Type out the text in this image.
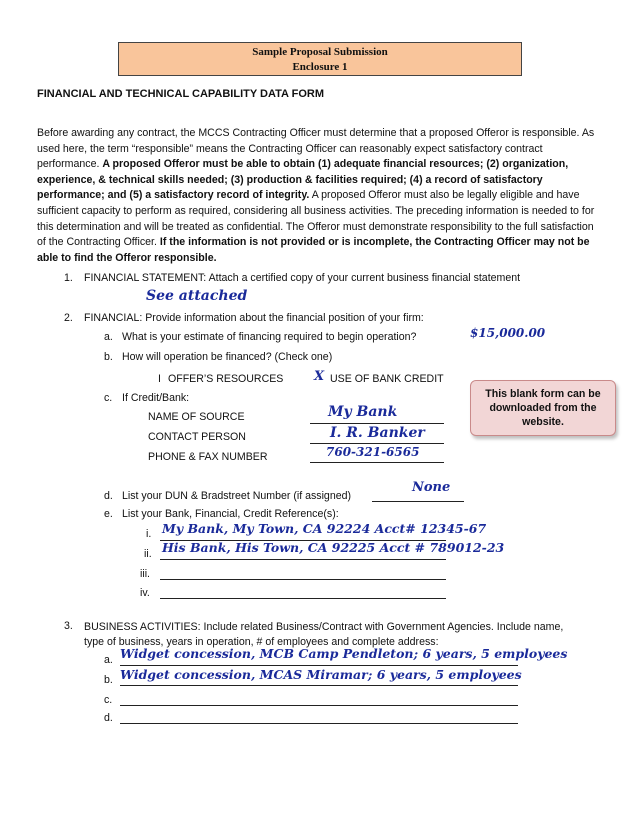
Sample Proposal Submission
Enclosure 1
FINANCIAL AND TECHNICAL CAPABILITY DATA FORM
Before awarding any contract, the MCCS Contracting Officer must determine that a proposed Offeror is responsible. As used here, the term “responsible” means the Contracting Officer can reasonably expect satisfactory contract performance. A proposed Offeror must be able to obtain (1) adequate financial resources; (2) organization, experience, & technical skills needed; (3) production & facilities required; (4) a record of satisfactory performance; and (5) a satisfactory record of integrity. A proposed Offeror must also be legally eligible and have sufficient capacity to perform as required, considering all business activities. The preceding information is needed to for this determination and will be treated as confidential. The Offeror must demonstrate responsibility to the full satisfaction of the Contracting Officer. If the information is not provided or is incomplete, the Contracting Officer may not be able to find the Offeror responsible.
1. FINANCIAL STATEMENT: Attach a certified copy of your current business financial statement
See attached
2. FINANCIAL: Provide information about the financial position of your firm:
a. What is your estimate of financing required to begin operation?	$15,000.00
b. How will operation be financed? (Check one)
I OFFER’S RESOURCES X USE OF BANK CREDIT
c. If Credit/Bank:
NAME OF SOURCE	My Bank
CONTACT PERSON	I. R. Banker
PHONE & FAX NUMBER	760-321-6565
d. List your DUN & Bradstreet Number (if assigned)
None
e. List your Bank, Financial, Credit Reference(s):
i. My Bank, My Town, CA 92224 Acct# 12345-67
ii. His Bank, His Town, CA 92225 Acct # 789012-23
iii.
iv.
3. BUSINESS ACTIVITIES: Include related Business/Contract with Government Agencies. Include name, type of business, years in operation, # of employees and complete address:
a. Widget concession, MCB Camp Pendleton; 6 years, 5 employees
b. Widget concession, MCAS Miramar; 6 years, 5 employees
c.
d.
This blank form can be downloaded from the website.
